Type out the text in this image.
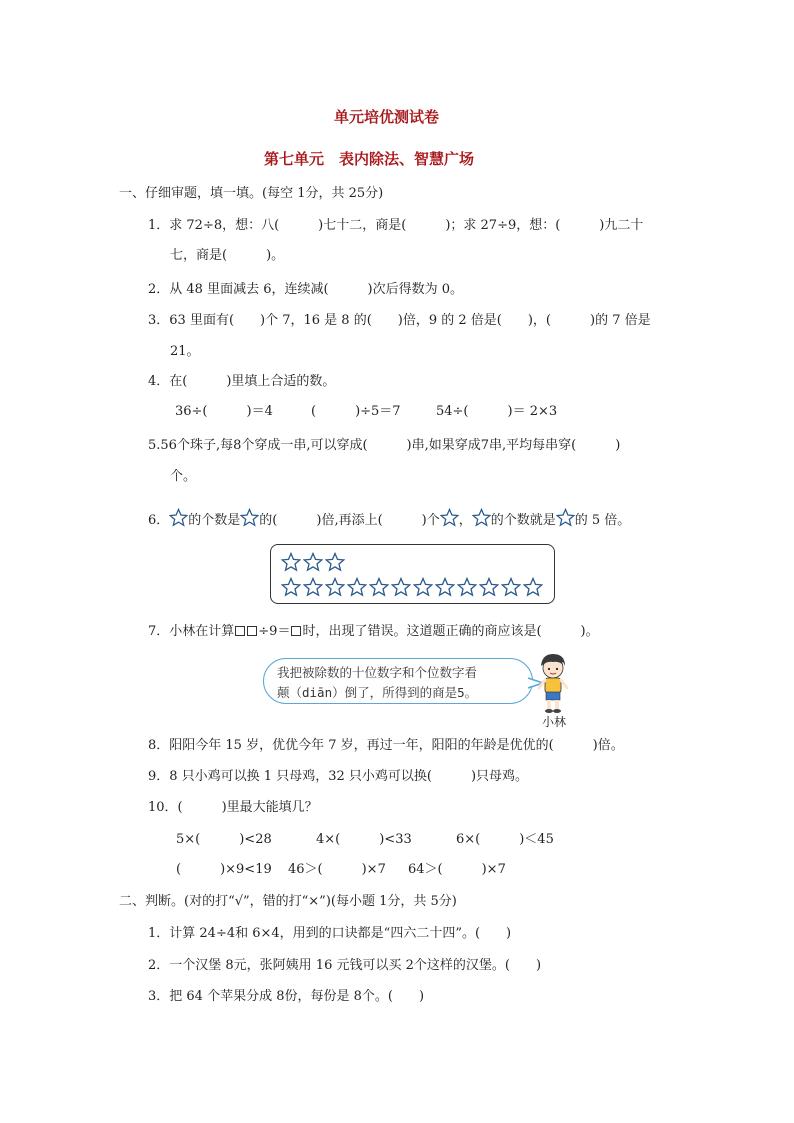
单元培优测试卷
第七单元　表内除法、智慧广场
一、仔细审题，填一填。(每空 1分，共 25分)
1．求 72÷8，想：八(　　　)七十二，商是(　　　)；求 27÷9，想：(　　　)九二十
七，商是(　　　)。
2．从 48 里面减去 6，连续减(　　　)次后得数为 0。
3．63 里面有(　　)个 7，16 是 8 的(　　)倍，9 的 2 倍是(　　)，(　　　)的 7 倍是
21。
4．在(　　　)里填上合适的数。
36÷(　　　)＝4	(　　　)÷5＝7	54÷(　　　)＝ 2×3
5.56个珠子,每8个穿成一串,可以穿成(　　　)串,如果穿成7串,平均每串穿(　　　)
个。
6． 的个数是 的(　　　)倍,再添上(　　　)个 ， 的个数就是 的 5 倍。
7．小林在计算 ÷9＝ 时，出现了错误。这道题正确的商应该是(　　　)。
我把被除数的十位数字和个位数字看
颠（diān）倒了，所得到的商是5。
小林
8．阳阳今年 15 岁，优优今年 7 岁，再过一年，阳阳的年龄是优优的(　　　)倍。
9．8 只小鸡可以换 1 只母鸡，32 只小鸡可以换(　　　)只母鸡。
10．(　　　)里最大能填几？
5×(　　　)<28	4×(　　　)<33	6×(　　　)＜45
(　　　)×9<19 46＞(　　　)×7 64＞(　　　)×7
二、判断。(对的打“√”，错的打“×”)(每小题 1分，共 5分)
1．计算 24÷4和 6×4，用到的口诀都是“四六二十四”。(　　)
2．一个汉堡 8元，张阿姨用 16 元钱可以买 2个这样的汉堡。(　　)
3．把 64 个苹果分成 8份，每份是 8个。(　　)
